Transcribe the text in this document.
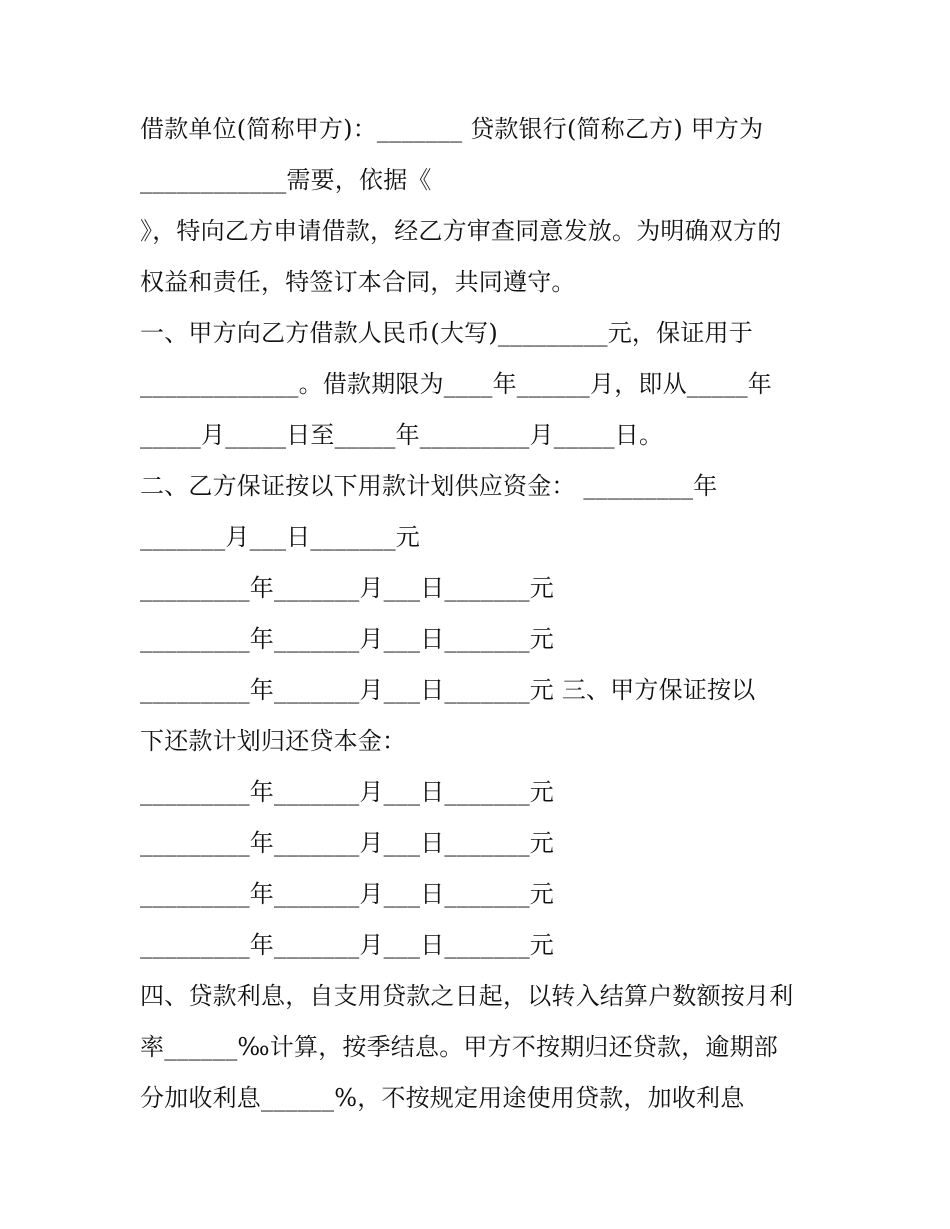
借款单位(简称甲方)：_______ 贷款银行(简称乙方) 甲方为
____________需要，依据《
》，特向乙方申请借款，经乙方审查同意发放。为明确双方的
权益和责任，特签订本合同，共同遵守。
一、甲方向乙方借款人民币(大写)_________元，保证用于
_____________。借款期限为____年______月，即从_____年
_____月_____日至_____年_________月_____日。
二、乙方保证按以下用款计划供应资金： _________年
_______月___日_______元
_________年_______月___日_______元
_________年_______月___日_______元
_________年_______月___日_______元 三、甲方保证按以
下还款计划归还贷本金：
_________年_______月___日_______元
_________年_______月___日_______元
_________年_______月___日_______元
_________年_______月___日_______元
四、贷款利息，自支用贷款之日起，以转入结算户数额按月利
率______‰计算，按季结息。甲方不按期归还贷款，逾期部
分加收利息______%，不按规定用途使用贷款，加收利息
